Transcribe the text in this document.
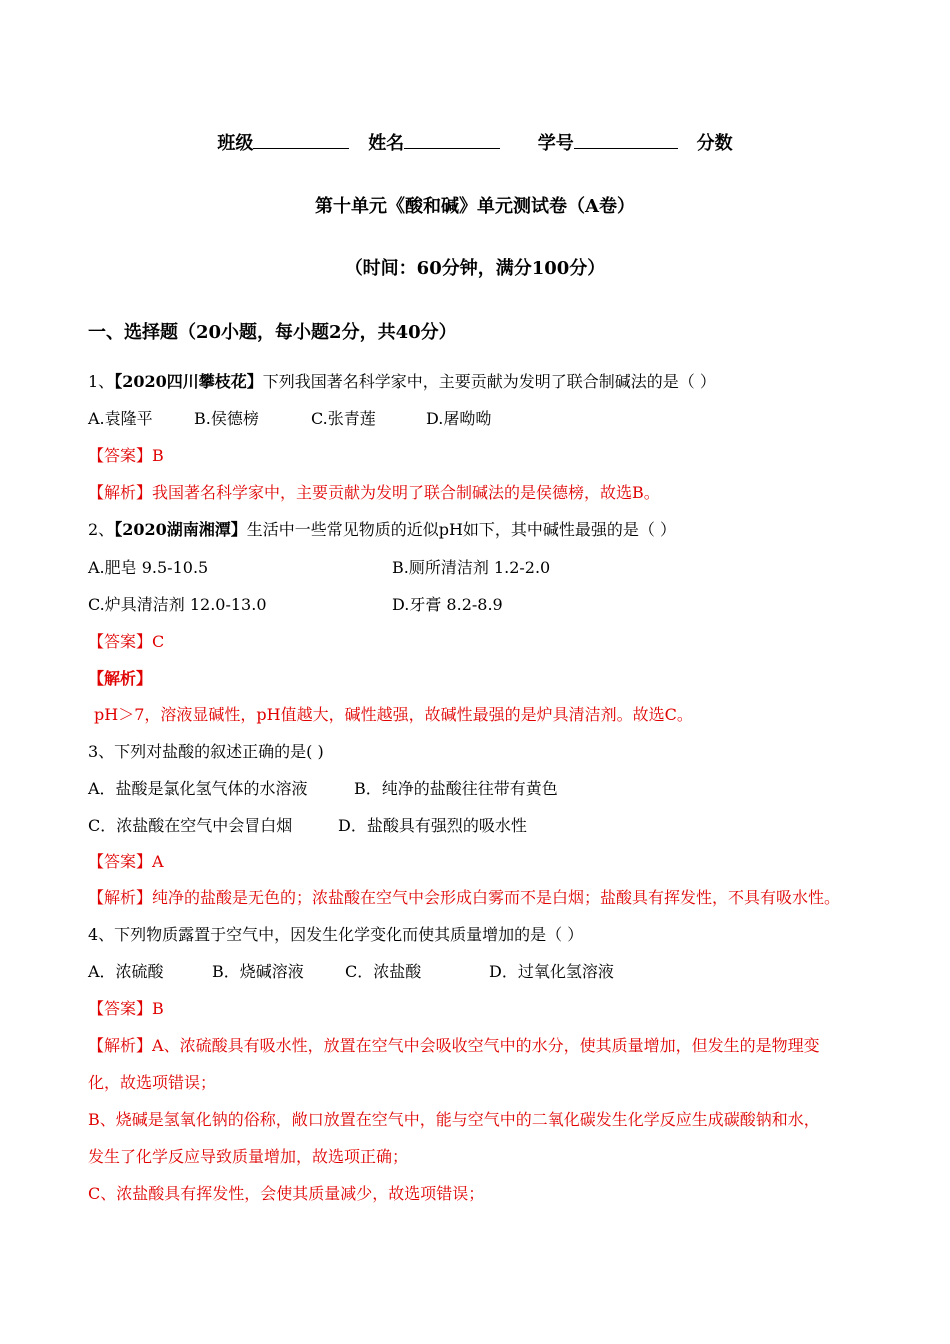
班级	姓名	学号	分数
第十单元《酸和碱》单元测试卷（A卷）
（时间：60分钟，满分100分）
一、选择题（20小题，每小题2分，共40分）
1、【2020四川攀枝花】下列我国著名科学家中，主要贡献为发明了联合制碱法的是（ ）
A.袁隆平	B.侯德榜	C.张青莲	D.屠呦呦
【答案】B
【解析】我国著名科学家中，主要贡献为发明了联合制碱法的是侯德榜，故选B。
2、【2020湖南湘潭】生活中一些常见物质的近似pH如下，其中碱性最强的是（ ）
A.肥皂 9.5-10.5	B.厕所清洁剂 1.2-2.0
C.炉具清洁剂 12.0-13.0	D.牙膏 8.2-8.9
【答案】C
【解析】
pH＞7，溶液显碱性，pH值越大，碱性越强，故碱性最强的是炉具清洁剂。故选C。
3、下列对盐酸的叙述正确的是( )
A．盐酸是氯化氢气体的水溶液	B．纯净的盐酸往往带有黄色
C．浓盐酸在空气中会冒白烟	D．盐酸具有强烈的吸水性
【答案】A
【解析】纯净的盐酸是无色的；浓盐酸在空气中会形成白雾而不是白烟；盐酸具有挥发性，不具有吸水性。
4、下列物质露置于空气中，因发生化学变化而使其质量增加的是（ ）
A．浓硫酸	B．烧碱溶液	C．浓盐酸	D．过氧化氢溶液
【答案】B
【解析】A、浓硫酸具有吸水性，放置在空气中会吸收空气中的水分，使其质量增加，但发生的是物理变
化，故选项错误；
B、烧碱是氢氧化钠的俗称，敞口放置在空气中，能与空气中的二氧化碳发生化学反应生成碳酸钠和水，
发生了化学反应导致质量增加，故选项正确；
C、浓盐酸具有挥发性，会使其质量减少，故选项错误；
